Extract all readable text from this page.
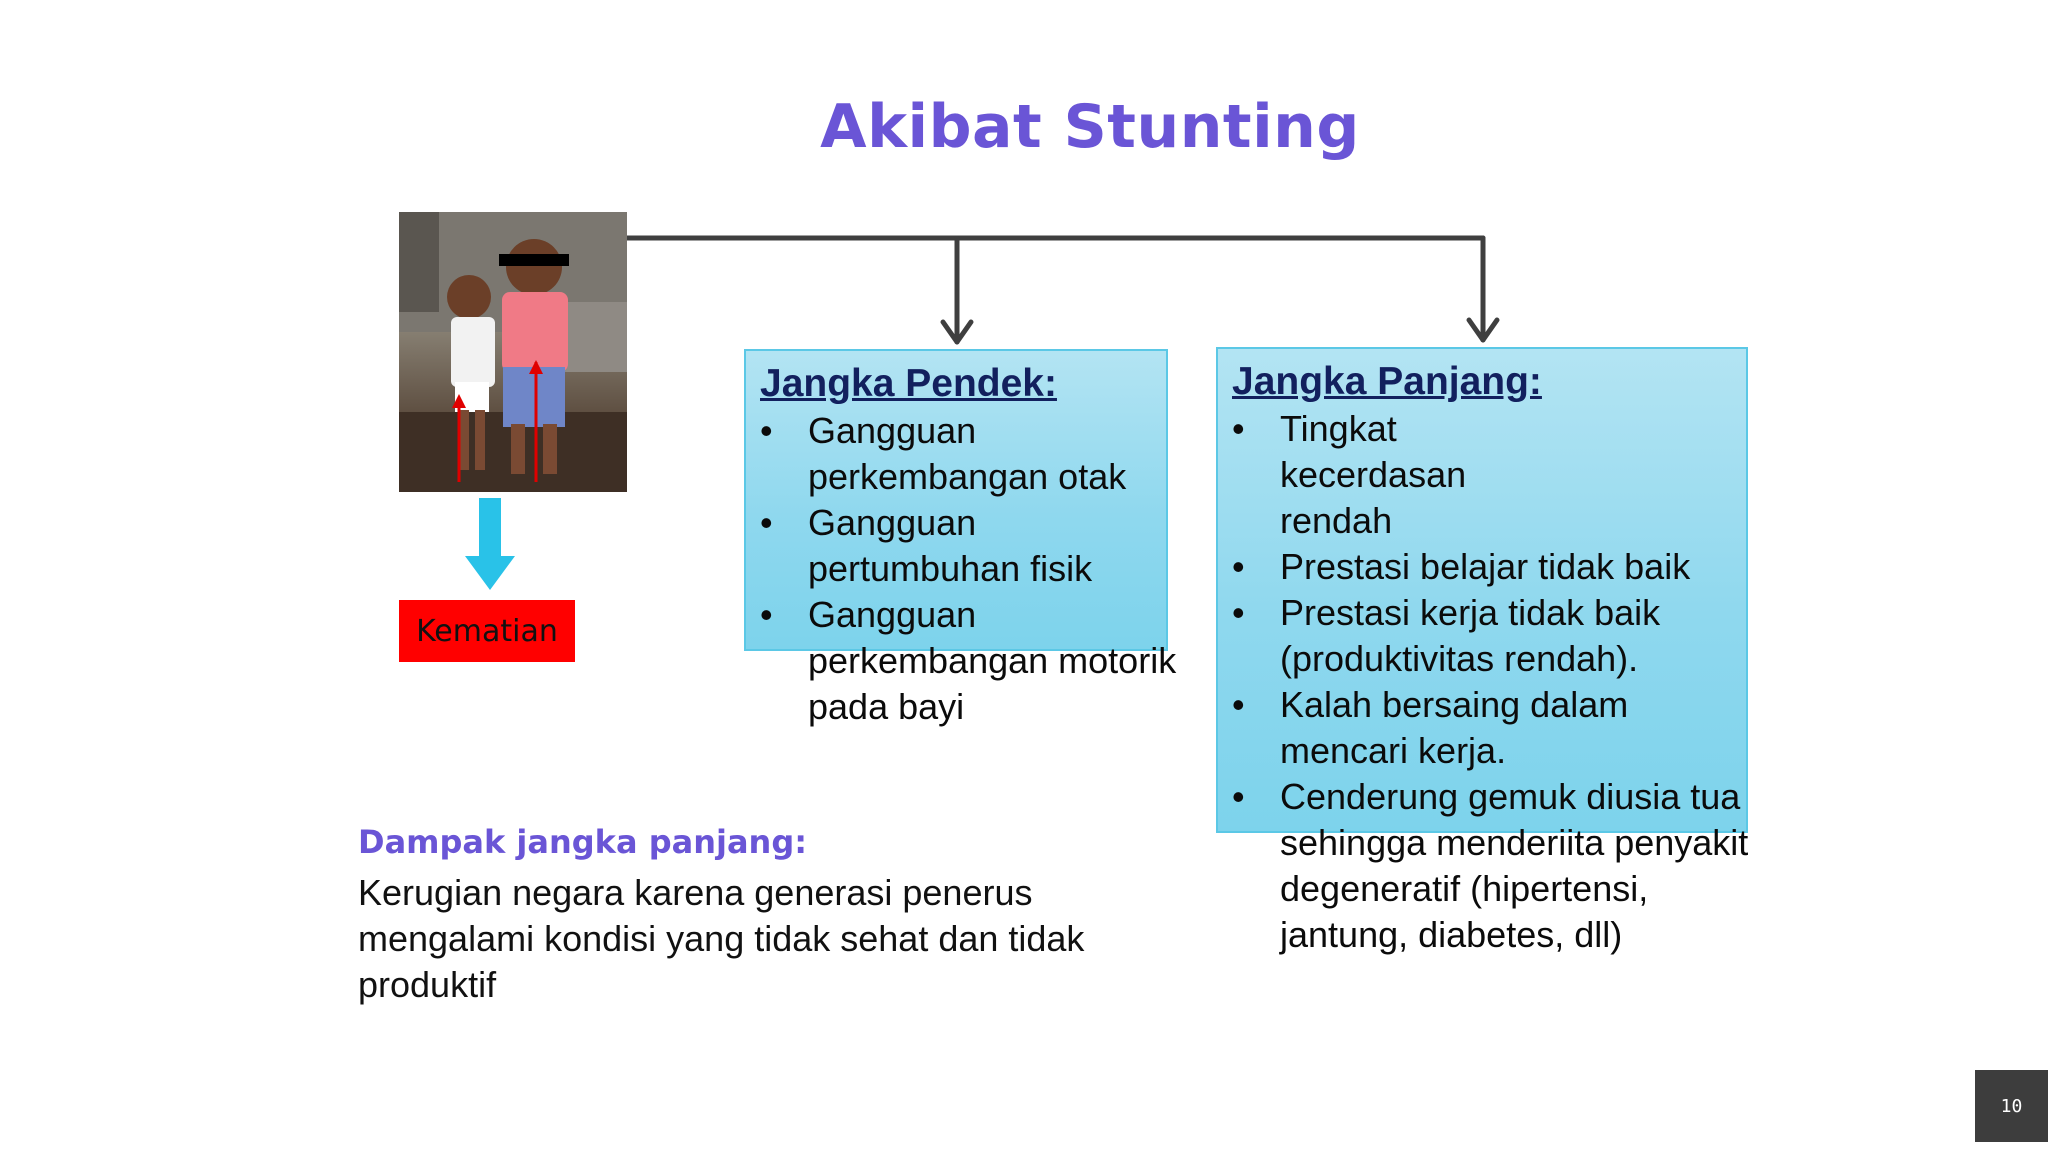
Akibat Stunting
Kematian
Jangka Pendek:
• Gangguan perkembangan otak
• Gangguan pertumbuhan fisik
• Gangguan perkembangan motorik pada bayi
Jangka Panjang:
• Tingkat kecerdasan rendah
• Prestasi belajar tidak baik
• Prestasi kerja tidak baik (produktivitas rendah).
• Kalah bersaing dalam mencari kerja.
• Cenderung gemuk diusia tua sehingga menderiita penyakit degeneratif (hipertensi, jantung, diabetes, dll)
Dampak jangka panjang:
Kerugian negara karena generasi penerus mengalami kondisi yang tidak sehat dan tidak produktif
10
